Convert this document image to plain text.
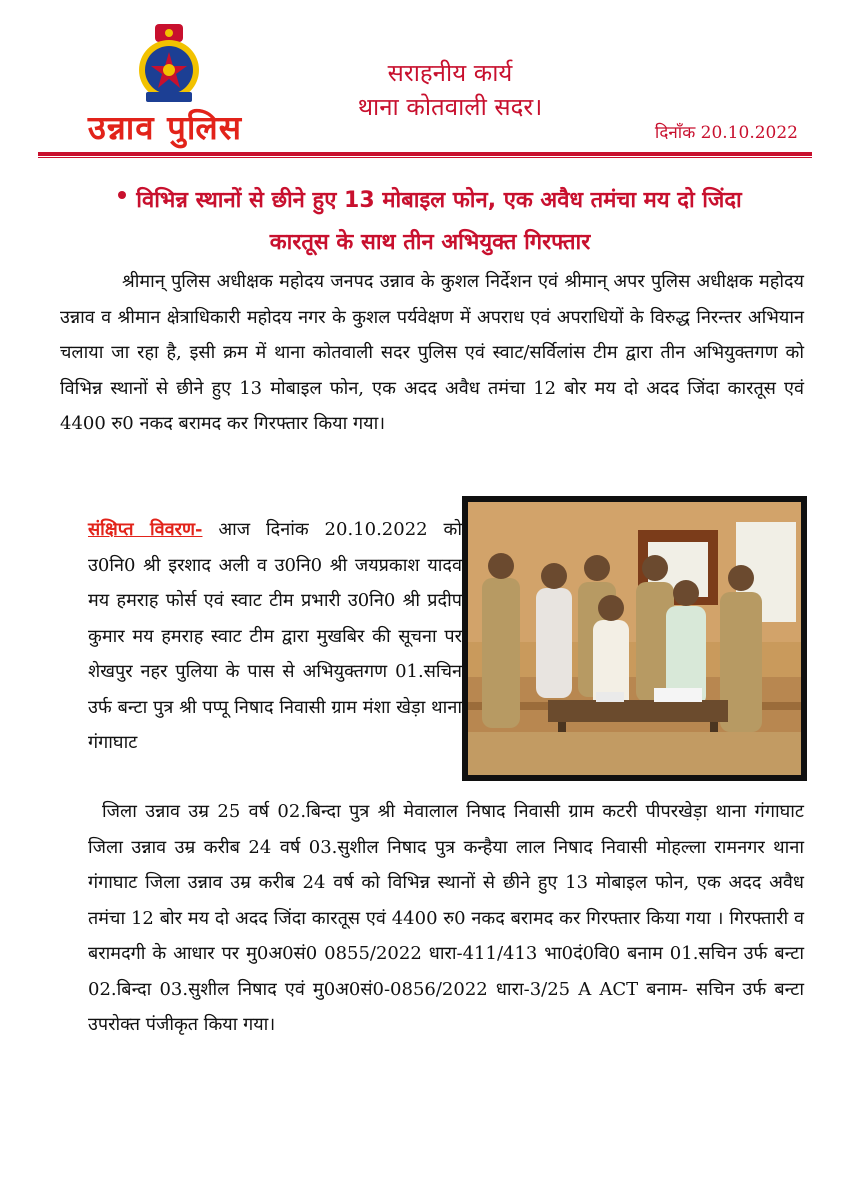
उन्नाव पुलिस
सराहनीय कार्य
थाना कोतवाली सदर।
दिनाँक 20.10.2022
विभिन्न स्थानों से छीने हुए 13 मोबाइल फोन, एक अवैध तमंचा मय दो जिंदा
कारतूस के साथ तीन अभियुक्त गिरफ्तार
श्रीमान् पुलिस अधीक्षक महोदय जनपद उन्नाव के कुशल निर्देशन एवं श्रीमान् अपर पुलिस अधीक्षक महोदय उन्नाव व श्रीमान क्षेत्राधिकारी महोदय नगर के कुशल पर्यवेक्षण में अपराध एवं अपराधियों के विरुद्ध निरन्तर अभियान चलाया जा रहा है, इसी क्रम में थाना कोतवाली सदर पुलिस एवं स्वाट/सर्विलांस टीम द्वारा तीन अभियुक्तगण को विभिन्न स्थानों से छीने हुए 13 मोबाइल फोन, एक अदद अवैध तमंचा 12 बोर मय दो अदद जिंदा कारतूस एवं 4400 रु0 नकद बरामद कर गिरफ्तार किया गया।
संक्षिप्त विवरण- आज दिनांक 20.10.2022 को उ0नि0 श्री इरशाद अली व उ0नि0 श्री जयप्रकाश यादव मय हमराह फोर्स एवं स्वाट टीम प्रभारी उ0नि0 श्री प्रदीप कुमार मय हमराह स्वाट टीम द्वारा मुखबिर की सूचना पर शेखपुर नहर पुलिया के पास से अभियुक्तगण 01.सचिन उर्फ बन्टा पुत्र श्री पप्पू निषाद निवासी ग्राम मंशा खेड़ा थाना गंगाघाट
जिला उन्नाव उम्र 25 वर्ष 02.बिन्दा पुत्र श्री मेवालाल निषाद निवासी ग्राम कटरी पीपरखेड़ा थाना गंगाघाट जिला उन्नाव उम्र करीब 24 वर्ष 03.सुशील निषाद पुत्र कन्हैया लाल निषाद निवासी मोहल्ला रामनगर थाना गंगाघाट जिला उन्नाव उम्र करीब 24 वर्ष को विभिन्न स्थानों से छीने हुए 13 मोबाइल फोन, एक अदद अवैध तमंचा 12 बोर मय दो अदद जिंदा कारतूस एवं 4400 रु0 नकद बरामद कर गिरफ्तार किया गया । गिरफ्तारी व बरामदगी के आधार पर मु0अ0सं0 0855/2022 धारा-411/413 भा0दं0वि0 बनाम 01.सचिन उर्फ बन्टा 02.बिन्दा 03.सुशील निषाद एवं मु0अ0सं0-0856/2022 धारा-3/25 A ACT बनाम- सचिन उर्फ बन्टा उपरोक्त पंजीकृत किया गया।
